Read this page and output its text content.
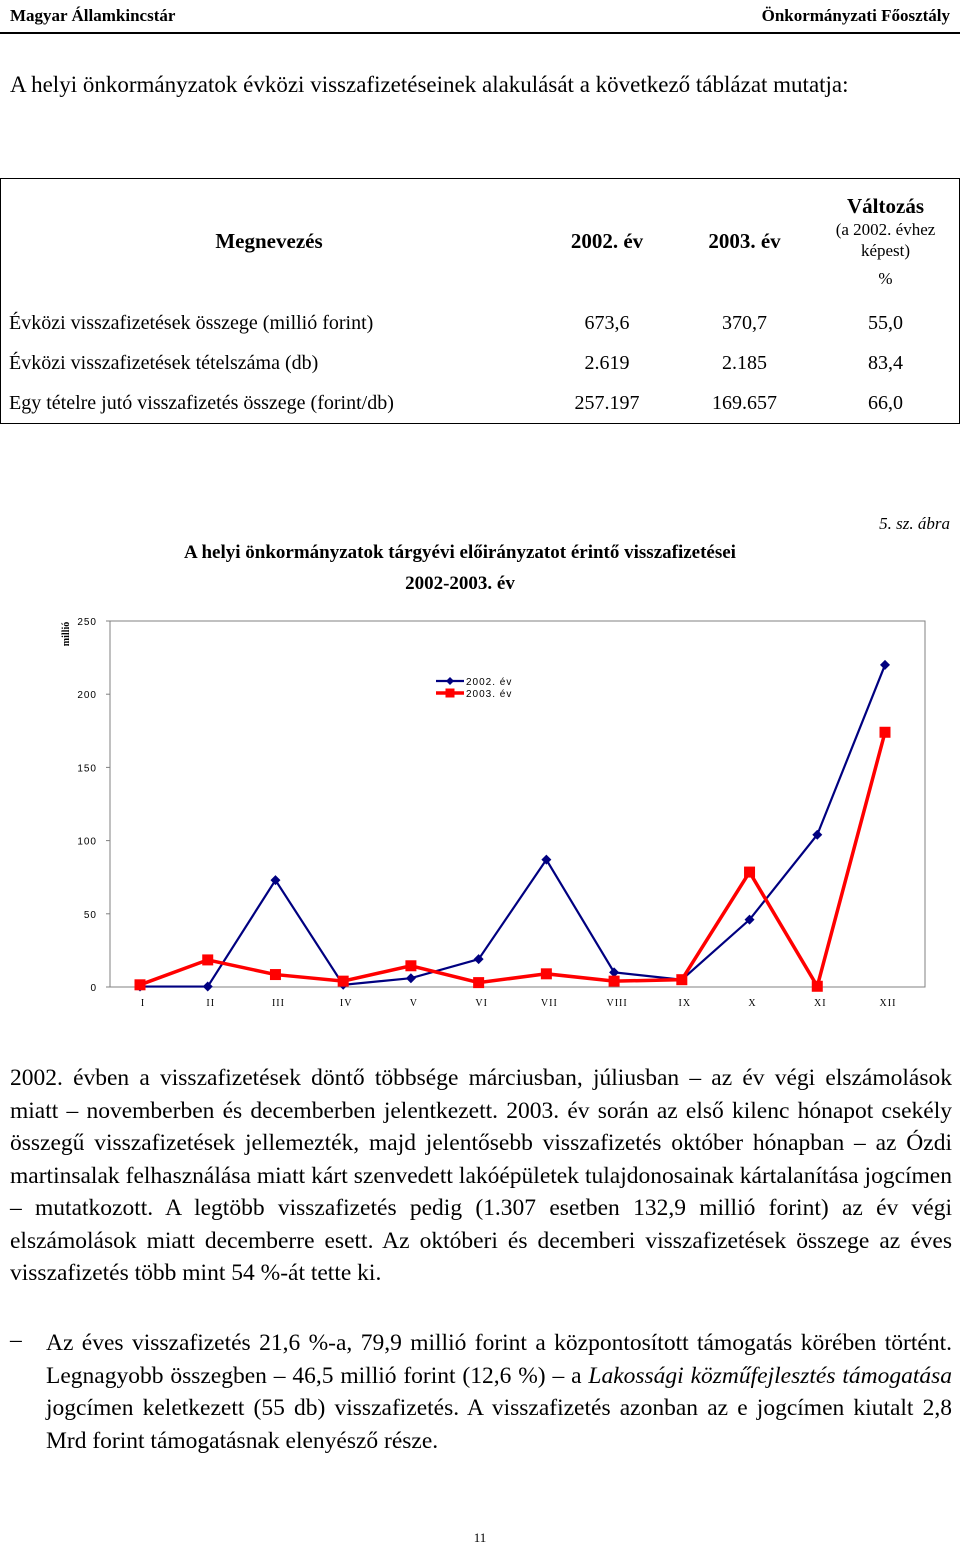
Magyar Államkincstár	Önkormányzati Főosztály

A helyi önkormányzatok évközi visszafizetéseinek alakulását a következő táblázat mutatja:

Megnevezés	2002. év	2003. év	Változás
(a 2002. évhez képest)
%

Évközi visszafizetések összege (millió forint)	673,6	370,7	55,0
Évközi visszafizetések tételszáma (db)	2.619	2.185	83,4
Egy tételre jutó visszafizetés összege (forint/db)	257.197	169.657	66,0
A helyi önkormányzatok tárgyévi előirányzatot érintő visszafizetései
2002-2003. év
5. sz. ábra
0
50
100
150
200
250
millió
I	II	III	IV	V	VI	VII	VIII	IX	X	XI	XII
2002. év
2003. év

2002. évben a visszafizetések döntő többsége márciusban, júliusban – az év végi elszámolások miatt – novemberben és decemberben jelentkezett. 2003. év során az első kilenc hónapot csekély összegű visszafizetések jellemezték, majd jelentősebb visszafizetés október hónapban – az Ózdi martinsalak felhasználása miatt kárt szenvedett lakóépületek tulajdonosainak kártalanítása jogcímen – mutatkozott. A legtöbb visszafizetés pedig (1.307 esetben 132,9 millió forint) az év végi elszámolások miatt decemberre esett. Az októberi és decemberi visszafizetések összege az éves visszafizetés több mint 54 %-át tette ki.

– Az éves visszafizetés 21,6 %-a, 79,9 millió forint a központosított támogatás körében történt. Legnagyobb összegben – 46,5 millió forint (12,6 %) – a Lakossági közműfejlesztés támogatása jogcímen keletkezett (55 db) visszafizetés. A visszafizetés azonban az e jogcímen kiutalt 2,8 Mrd forint támogatásnak elenyésző része.

11
